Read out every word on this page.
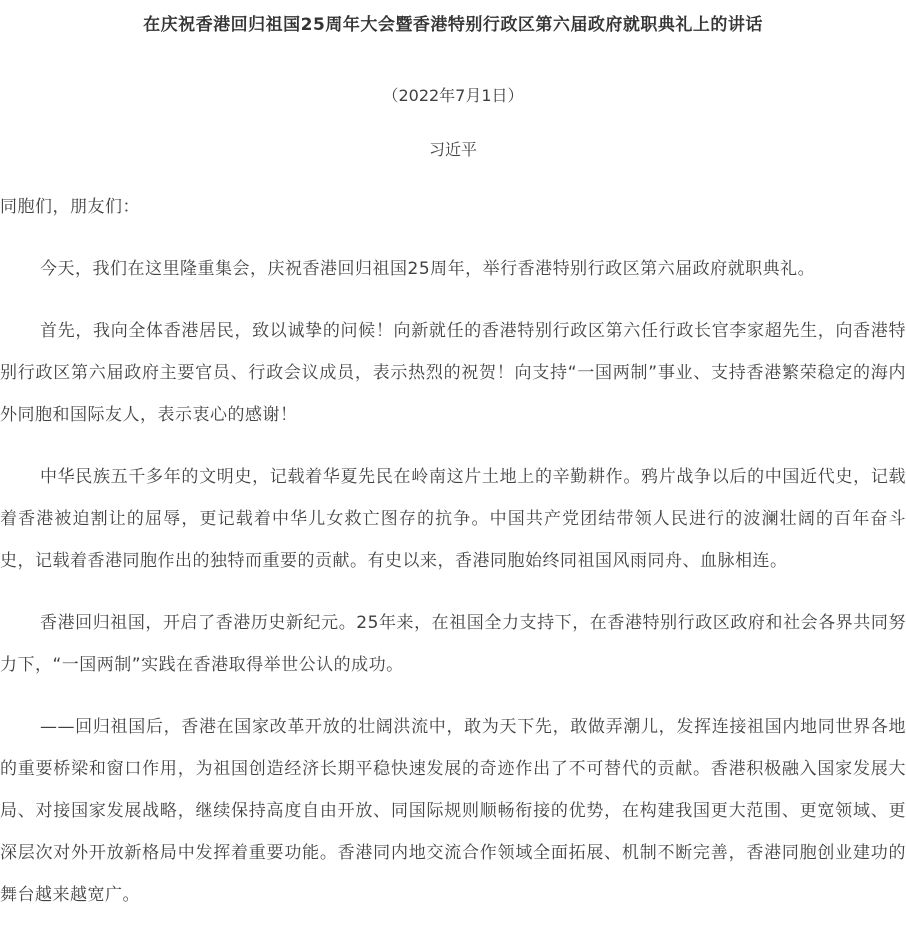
在庆祝香港回归祖国25周年大会暨香港特别行政区第六届政府就职典礼上的讲话
（2022年7月1日）
习近平

同胞们，朋友们：

今天，我们在这里隆重集会，庆祝香港回归祖国25周年，举行香港特别行政区第六届政府就职典礼。

首先，我向全体香港居民，致以诚挚的问候！向新就任的香港特别行政区第六任行政长官李家超先生，向香港特别行政区第六届政府主要官员、行政会议成员，表示热烈的祝贺！向支持“一国两制”事业、支持香港繁荣稳定的海内外同胞和国际友人，表示衷心的感谢！

中华民族五千多年的文明史，记载着华夏先民在岭南这片土地上的辛勤耕作。鸦片战争以后的中国近代史，记载着香港被迫割让的屈辱，更记载着中华儿女救亡图存的抗争。中国共产党团结带领人民进行的波澜壮阔的百年奋斗史，记载着香港同胞作出的独特而重要的贡献。有史以来，香港同胞始终同祖国风雨同舟、血脉相连。

香港回归祖国，开启了香港历史新纪元。25年来，在祖国全力支持下，在香港特别行政区政府和社会各界共同努力下，“一国两制”实践在香港取得举世公认的成功。

——回归祖国后，香港在国家改革开放的壮阔洪流中，敢为天下先，敢做弄潮儿，发挥连接祖国内地同世界各地的重要桥梁和窗口作用，为祖国创造经济长期平稳快速发展的奇迹作出了不可替代的贡献。香港积极融入国家发展大局、对接国家发展战略，继续保持高度自由开放、同国际规则顺畅衔接的优势，在构建我国更大范围、更宽领域、更深层次对外开放新格局中发挥着重要功能。香港同内地交流合作领域全面拓展、机制不断完善，香港同胞创业建功的舞台越来越宽广。
